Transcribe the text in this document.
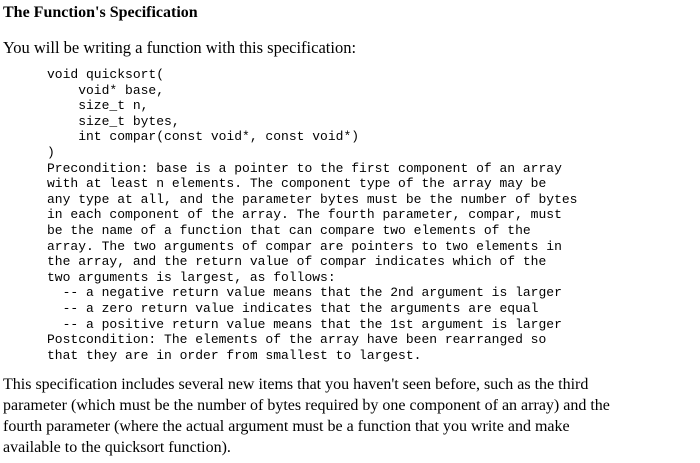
The Function's Specification
You will be writing a function with this specification:
void quicksort(
void* base,
size_t n,
size_t bytes,
int compar(const void*, const void*)
)
Precondition: base is a pointer to the first component of an array
with at least n elements. The component type of the array may be
any type at all, and the parameter bytes must be the number of bytes
in each component of the array. The fourth parameter, compar, must
be the name of a function that can compare two elements of the
array. The two arguments of compar are pointers to two elements in
the array, and the return value of compar indicates which of the
two arguments is largest, as follows:
-- a negative return value means that the 2nd argument is larger
-- a zero return value indicates that the arguments are equal
-- a positive return value means that the 1st argument is larger
Postcondition: The elements of the array have been rearranged so
that they are in order from smallest to largest.
This specification includes several new items that you haven't seen before, such as the third
parameter (which must be the number of bytes required by one component of an array) and the
fourth parameter (where the actual argument must be a function that you write and make
available to the quicksort function).
